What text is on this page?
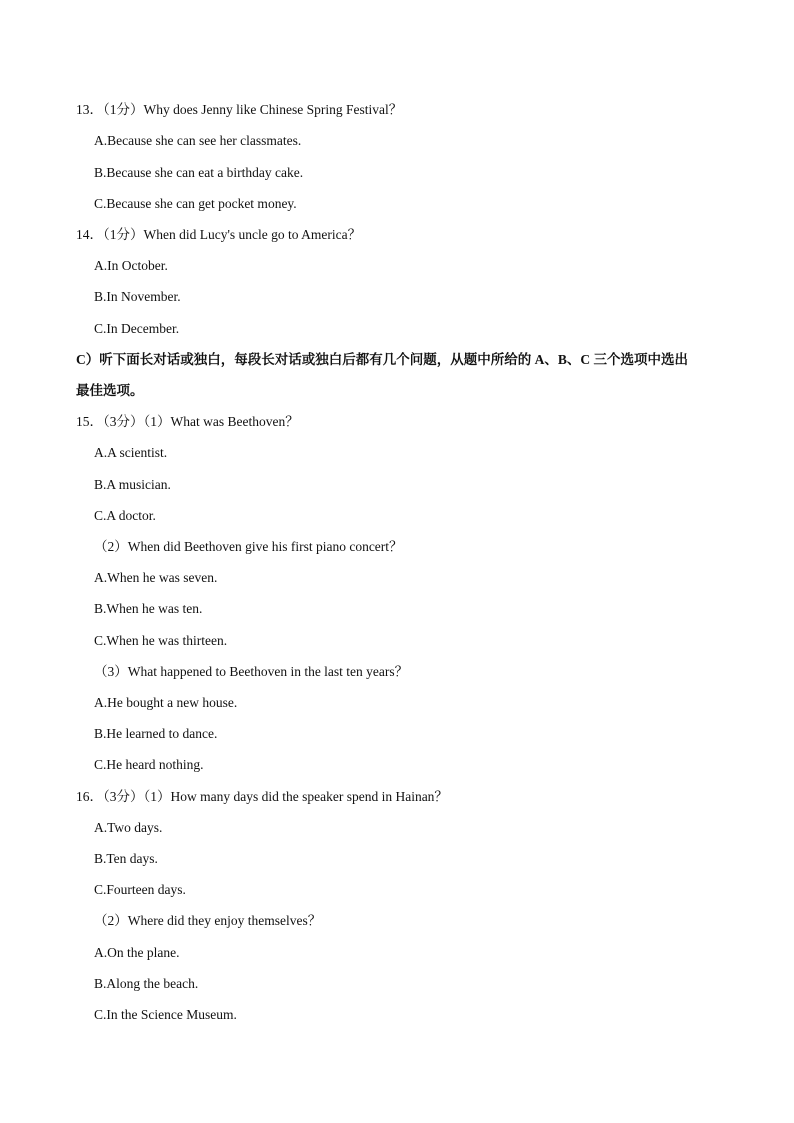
13．（1分）Why does Jenny like Chinese Spring Festival？
A.Because she can see her classmates.
B.Because she can eat a birthday cake.
C.Because she can get pocket money.
14．（1分）When did Lucy's uncle go to America？
A.In October.
B.In November.
C.In December.
C）听下面长对话或独白，每段长对话或独白后都有几个问题，从题中所给的 A、B、C 三个选项中选出
最佳选项。
15．（3分）（1）What was Beethoven？
A.A scientist.
B.A musician.
C.A doctor.
（2）When did Beethoven give his first piano concert？
A.When he was seven.
B.When he was ten.
C.When he was thirteen.
（3）What happened to Beethoven in the last ten years？
A.He bought a new house.
B.He learned to dance.
C.He heard nothing.
16．（3分）（1）How many days did the speaker spend in Hainan？
A.Two days.
B.Ten days.
C.Fourteen days.
（2）Where did they enjoy themselves？
A.On the plane.
B.Along the beach.
C.In the Science Museum.
